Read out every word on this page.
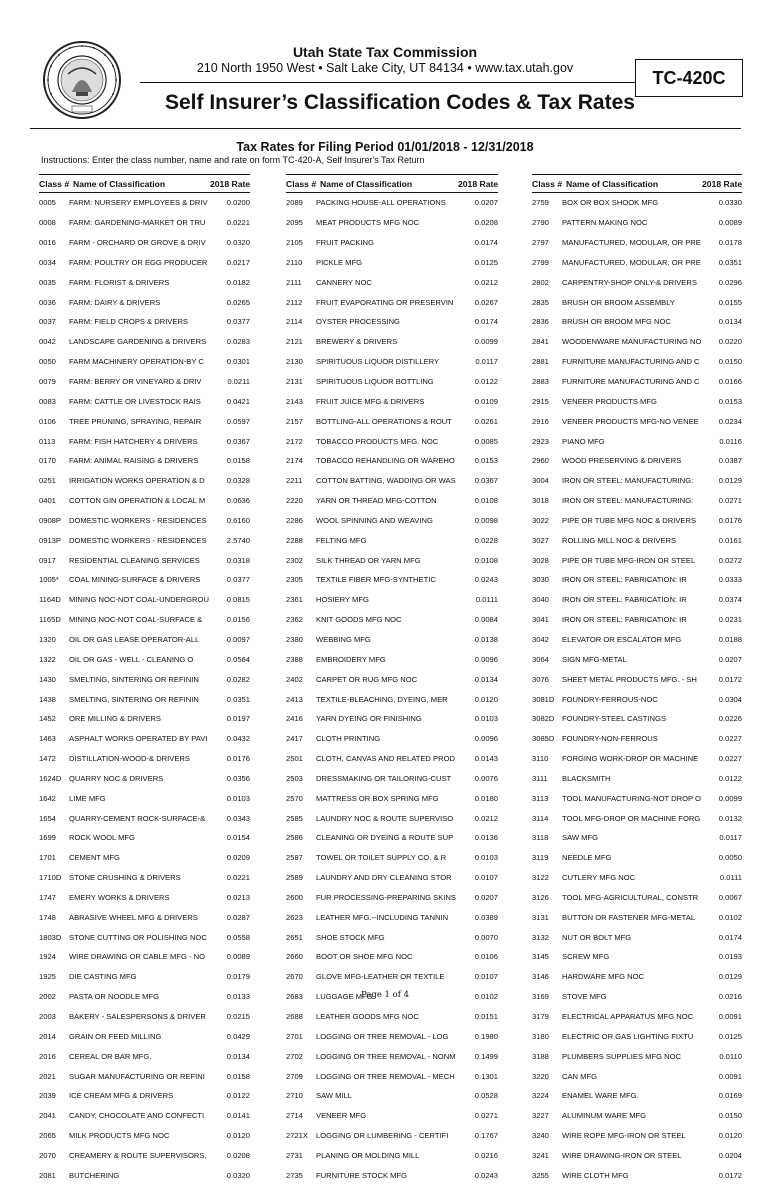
Utah State Tax Commission
210 North 1950 West • Salt Lake City, UT 84134 • www.tax.utah.gov	TC-420C
Self Insurer’s Classification Codes & Tax Rates
Tax Rates for Filing Period 01/01/2018 - 12/31/2018
Instructions: Enter the class number, name and rate on form TC-420-A, Self Insurer's Tax Return
Class # Name of Classification	2018 Rate
0005	FARM: NURSERY EMPLOYEES & DRIV	0.0200
0008	FARM: GARDENING-MARKET OR TRU	0.0221
0016	FARM - ORCHARD OR GROVE & DRIV	0.0320
0034	FARM: POULTRY OR EGG PRODUCER	0.0217
0035	FARM: FLORIST & DRIVERS	0.0182
0036	FARM: DAIRY & DRIVERS	0.0265
0037	FARM: FIELD CROPS & DRIVERS	0.0377
0042	LANDSCAPE GARDENING & DRIVERS	0.0283
0050	FARM MACHINERY OPERATION-BY C	0.0301
0079	FARM: BERRY OR VINEYARD & DRIV	0.0211
0083	FARM: CATTLE OR LIVESTOCK RAIS	0.0421
0106	TREE PRUNING, SPRAYING, REPAIR	0.0597
0113	FARM: FISH HATCHERY & DRIVERS	0.0367
0170	FARM: ANIMAL RAISING & DRIVERS	0.0158
0251	IRRIGATION WORKS OPERATION & D	0.0328
0401	COTTON GIN OPERATION & LOCAL M	0.0636
0908P	DOMESTIC WORKERS - RESIDENCES	0.6160
0913P	DOMESTIC WORKERS - RESIDENCES	2.5740
0917	RESIDENTIAL CLEANING SERVICES	0.0318
1005*	COAL MINING-SURFACE & DRIVERS	0.0377
1164D	MINING NOC-NOT COAL-UNDERGROU	0.0815
1165D	MINING NOC-NOT COAL-SURFACE &	0.0156
1320	OIL OR GAS LEASE OPERATOR-ALL	0.0097
1322	OIL OR GAS - WELL - CLEANING O	0.0564
1430	SMELTING, SINTERING OR REFININ	0.0282
1438	SMELTING, SINTERING OR REFININ	0.0351
1452	ORE MILLING & DRIVERS	0.0197
1463	ASPHALT WORKS OPERATED BY PAVI	0.0432
1472	DISTILLATION-WOOD-& DRIVERS	0.0176
1624D	QUARRY NOC & DRIVERS	0.0356
1642	LIME MFG	0.0103
1654	QUARRY-CEMENT ROCK-SURFACE-&	0.0343
1699	ROCK WOOL MFG	0.0154
1701	CEMENT MFG	0.0209
1710D	STONE CRUSHING & DRIVERS	0.0221
1747	EMERY WORKS & DRIVERS	0.0213
1748	ABRASIVE WHEEL MFG & DRIVERS	0.0287
1803D	STONE CUTTING OR POLISHING NOC	0.0558
1924	WIRE DRAWING OR CABLE MFG - NO	0.0089
1925	DIE CASTING MFG	0.0179
2002	PASTA OR NOODLE MFG	0.0133
2003	BAKERY - SALESPERSONS & DRIVER	0.0215
2014	GRAIN OR FEED MILLING	0.0429
2016	CEREAL OR BAR MFG.	0.0134
2021	SUGAR MANUFACTURING OR REFINI	0.0158
2039	ICE CREAM MFG & DRIVERS	0.0122
2041	CANDY, CHOCOLATE AND CONFECTI	0.0141
2065	MILK PRODUCTS MFG NOC	0.0120
2070	CREAMERY & ROUTE SUPERVISORS,	0.0208
2081	BUTCHERING	0.0320
Class # Name of Classification	2018 Rate
2089	PACKING HOUSE-ALL OPERATIONS	0.0207
2095	MEAT PRODUCTS MFG NOC	0.0208
2105	FRUIT PACKING	0.0174
2110	PICKLE MFG	0.0125
2111	CANNERY NOC	0.0212
2112	FRUIT EVAPORATING OR PRESERVIN	0.0267
2114	OYSTER PROCESSING	0.0174
2121	BREWERY & DRIVERS	0.0099
2130	SPIRITUOUS LIQUOR DISTILLERY	0.0117
2131	SPIRITUOUS LIQUOR BOTTLING	0.0122
2143	FRUIT JUICE MFG & DRIVERS	0.0109
2157	BOTTLING-ALL OPERATIONS & ROUT	0.0261
2172	TOBACCO PRODUCTS MFG. NOC	0.0085
2174	TOBACCO REHANDLING OR WAREHO	0.0153
2211	COTTON BATTING, WADDING OR WAS	0.0367
2220	YARN OR THREAD MFG-COTTON	0.0108
2286	WOOL SPINNING AND WEAVING	0.0098
2288	FELTING MFG	0.0228
2302	SILK THREAD OR YARN MFG	0.0108
2305	TEXTILE FIBER MFG-SYNTHETIC	0.0243
2361	HOSIERY MFG	0.0111
2362	KNIT GOODS MFG NOC	0.0084
2380	WEBBING MFG	0.0138
2388	EMBROIDERY MFG	0.0096
2402	CARPET OR RUG MFG NOC	0.0134
2413	TEXTILE-BLEACHING, DYEING, MER	0.0120
2416	YARN DYEING OR FINISHING	0.0103
2417	CLOTH PRINTING	0.0096
2501	CLOTH, CANVAS AND RELATED PROD	0.0143
2503	DRESSMAKING OR TAILORING-CUST	0.0076
2570	MATTRESS OR BOX SPRING MFG	0.0180
2585	LAUNDRY NOC & ROUTE SUPERVISO	0.0212
2586	CLEANING OR DYEING & ROUTE SUP	0.0136
2587	TOWEL OR TOILET SUPPLY CO. & R	0.0103
2589	LAUNDRY AND DRY CLEANING STOR	0.0107
2600	FUR PROCESSING-PREPARING SKINS	0.0207
2623	LEATHER MFG.--INCLUDING TANNIN	0.0389
2651	SHOE STOCK MFG	0.0070
2660	BOOT OR SHOE MFG NOC	0.0106
2670	GLOVE MFG-LEATHER OR TEXTILE	0.0107
2683	LUGGAGE MFG	0.0102
2688	LEATHER GOODS MFG NOC	0.0151
2701	LOGGING OR TREE REMOVAL - LOG	0.1980
2702	LOGGING OR TREE REMOVAL - NONM	0.1499
2709	LOGGING OR TREE REMOVAL - MECH	0.1301
2710	SAW MILL	0.0528
2714	VENEER MFG	0.0271
2721X	LOGGING OR LUMBERING - CERTIFI	0.1767
2731	PLANING OR MOLDING MILL	0.0216
2735	FURNITURE STOCK MFG	0.0243
Class # Name of Classification	2018 Rate
2759	BOX OR BOX SHOOK MFG	0.0330
2790	PATTERN MAKING NOC	0.0089
2797	MANUFACTURED, MODULAR, OR PRE	0.0178
2799	MANUFACTURED, MODULAR, OR PRE	0.0351
2802	CARPENTRY-SHOP ONLY-& DRIVERS	0.0296
2835	BRUSH OR BROOM ASSEMBLY	0.0155
2836	BRUSH OR BROOM MFG NOC	0.0134
2841	WOODENWARE MANUFACTURING NO	0.0220
2881	FURNITURE MANUFACTURING AND C	0.0150
2883	FURNITURE MANUFACTURING AND C	0.0166
2915	VENEER PRODUCTS MFG	0.0153
2916	VENEER PRODUCTS MFG-NO VENEE	0.0234
2923	PIANO MFG	0.0116
2960	WOOD PRESERVING & DRIVERS	0.0387
3004	IRON OR STEEL: MANUFACTURING:	0.0129
3018	IRON OR STEEL: MANUFACTURING:	0.0271
3022	PIPE OR TUBE MFG NOC & DRIVERS	0.0176
3027	ROLLING MILL NOC & DRIVERS	0.0161
3028	PIPE OR TUBE MFG-IRON OR STEEL	0.0272
3030	IRON OR STEEL: FABRICATION: IR	0.0333
3040	IRON OR STEEL: FABRICATION: IR	0.0374
3041	IRON OR STEEL: FABRICATION: IR	0.0231
3042	ELEVATOR OR ESCALATOR MFG	0.0188
3064	SIGN MFG-METAL	0.0207
3076	SHEET METAL PRODUCTS MFG. - SH	0.0172
3081D	FOUNDRY-FERROUS-NOC	0.0304
3082D	FOUNDRY-STEEL CASTINGS	0.0226
3085D	FOUNDRY-NON-FERROUS	0.0227
3110	FORGING WORK-DROP OR MACHINE	0.0227
3111	BLACKSMITH	0.0122
3113	TOOL MANUFACTURING-NOT DROP O	0.0099
3114	TOOL MFG-DROP OR MACHINE FORG	0.0132
3118	SAW MFG	0.0117
3119	NEEDLE MFG	0.0050
3122	CUTLERY MFG NOC	0.0111
3126	TOOL MFG-AGRICULTURAL, CONSTR	0.0067
3131	BUTTON OR FASTENER MFG-METAL	0.0102
3132	NUT OR BOLT MFG	0.0174
3145	SCREW MFG	0.0193
3146	HARDWARE MFG NOC	0.0129
3169	STOVE MFG	0.0216
3179	ELECTRICAL APPARATUS MFG NOC	0.0091
3180	ELECTRIC OR GAS LIGHTING FIXTU	0.0125
3188	PLUMBERS SUPPLIES MFG NOC	0.0110
3220	CAN MFG	0.0091
3224	ENAMEL WARE MFG.	0.0169
3227	ALUMINUM WARE MFG	0.0150
3240	WIRE ROPE MFG-IRON OR STEEL	0.0120
3241	WIRE DRAWING-IRON OR STEEL	0.0204
3255	WIRE CLOTH MFG	0.0172
Page 1 of 4
